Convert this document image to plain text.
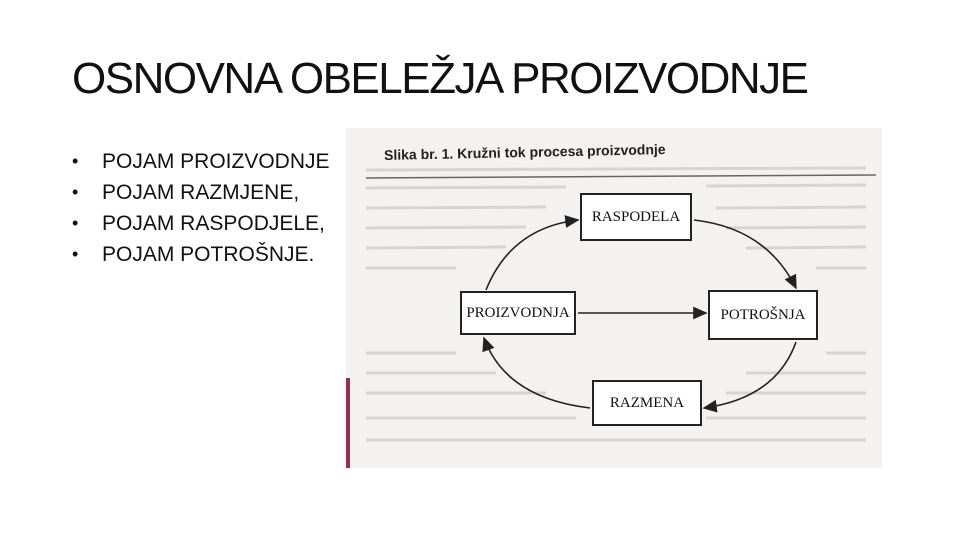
OSNOVNA OBELEŽJA PROIZVODNJE
•	POJAM PROIZVODNJE
•	POJAM RAZMJENE,
•	POJAM RASPODJELE,
•	POJAM POTROŠNJE.
Slika br. 1. Kružni tok procesa proizvodnje
RASPODELA
PROIZVODNJA	POTROŠNJA
RAZMENA
